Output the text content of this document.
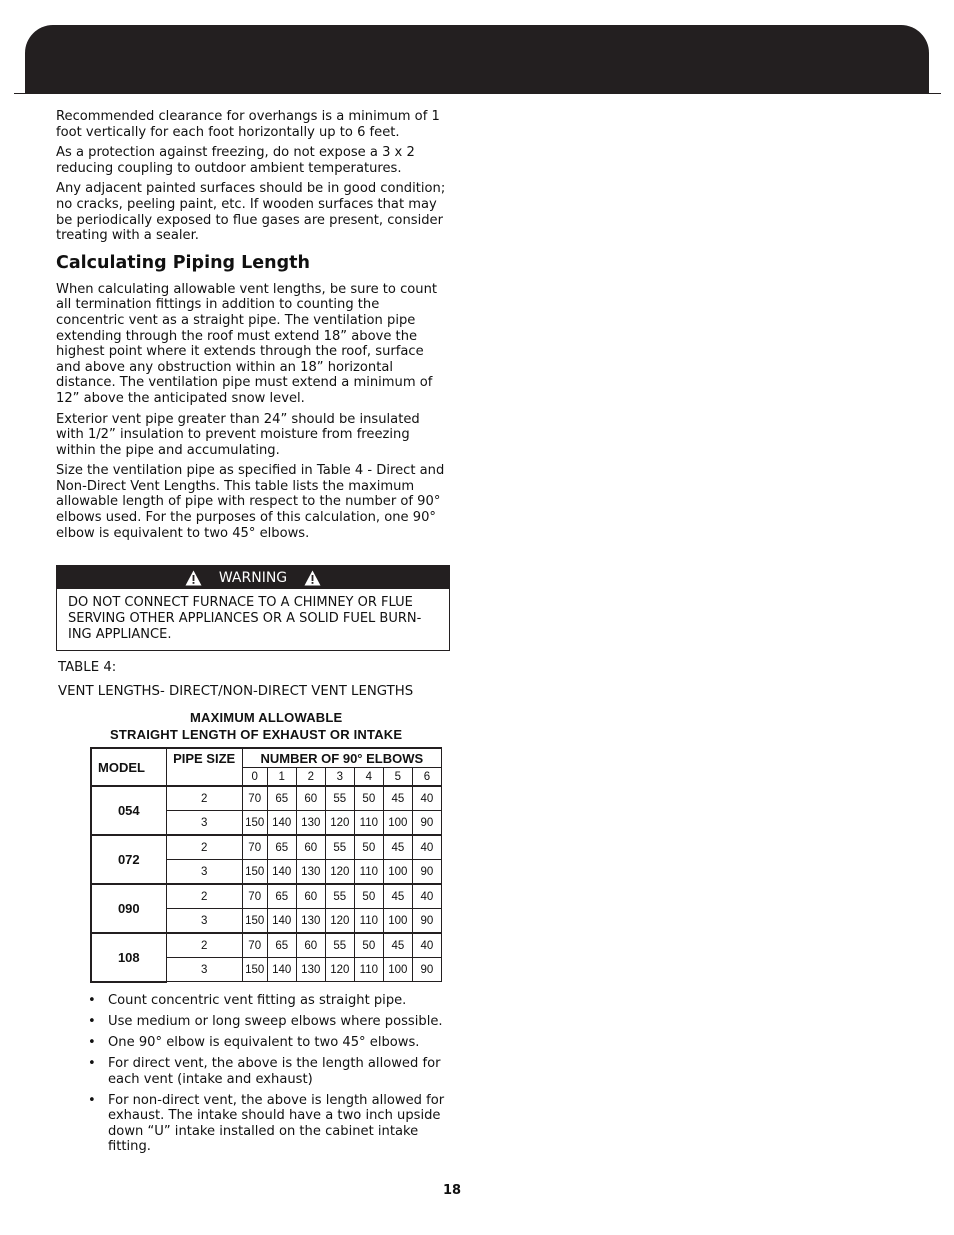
Recommended clearance for overhangs is a minimum of 1 foot vertically for each foot horizontally up to 6 feet.

As a protection against freezing, do not expose a 3 x 2 reducing coupling to outdoor ambient temperatures.

Any adjacent painted surfaces should be in good condition; no cracks, peeling paint, etc. If wooden surfaces that may be periodically exposed to flue gases are present, consider treating with a sealer.

Calculating Piping Length

When calculating allowable vent lengths, be sure to count all termination fittings in addition to counting the concentric vent as a straight pipe. The ventilation pipe extending through the roof must extend 18” above the highest point where it extends through the roof, surface and above any obstruction within an 18” horizontal distance. The ventilation pipe must extend a minimum of 12” above the anticipated snow level.

Exterior vent pipe greater than 24” should be insulated with 1/2” insulation to prevent moisture from freezing within the pipe and accumulating.

Size the ventilation pipe as specified in Table 4 - Direct and Non-Direct Vent Lengths. This table lists the maximum allowable length of pipe with respect to the number of 90° elbows used. For the purposes of this calculation, one 90° elbow is equivalent to two 45° elbows.

WARNING
DO NOT CONNECT FURNACE TO A CHIMNEY OR FLUE SERVING OTHER APPLIANCES OR A SOLID FUEL BURN- ING APPLIANCE.
TABLE 4:
VENT LENGTHS- DIRECT/NON-DIRECT VENT LENGTHS
MAXIMUM ALLOWABLE
STRAIGHT LENGTH OF EXHAUST OR INTAKE
MODEL	PIPE SIZE	NUMBER OF 90° ELBOWS						
		0	1	2	3	4	5	6
054	2	70	65	60	55	50	45	40
	3	150	140	130	120	110	100	90
072	2	70	65	60	55	50	45	40
	3	150	140	130	120	110	100	90
090	2	70	65	60	55	50	45	40
	3	150	140	130	120	110	100	90
108	2	70	65	60	55	50	45	40
	3	150	140	130	120	110	100	90
• Count concentric vent fitting as straight pipe.
• Use medium or long sweep elbows where possible.
• One 90° elbow is equivalent to two 45° elbows.
• For direct vent, the above is the length allowed for each vent (intake and exhaust)
• For non-direct vent, the above is length allowed for exhaust. The intake should have a two inch upside down “U” intake installed on the cabinet intake fitting.
18
